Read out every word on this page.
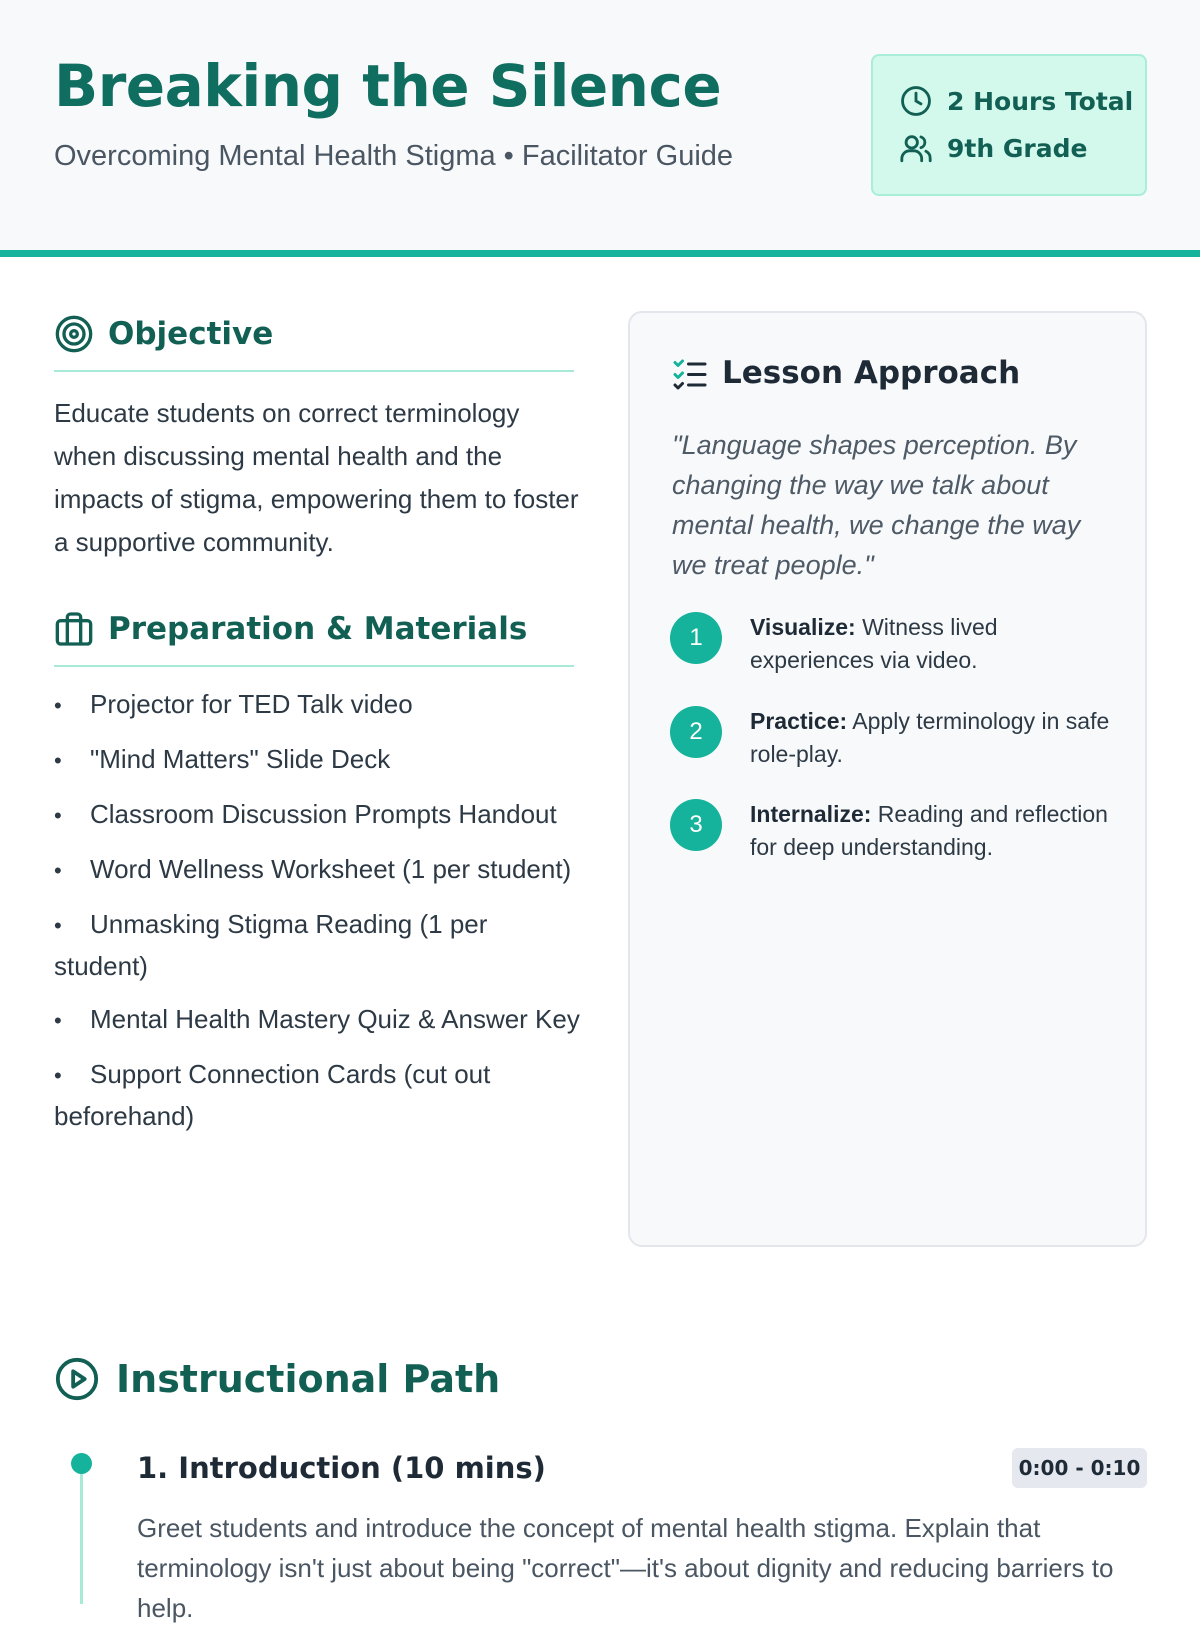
Breaking the Silence
Overcoming Mental Health Stigma • Facilitator Guide
2 Hours Total
9th Grade
Objective
Educate students on correct terminology when discussing mental health and the impacts of stigma, empowering them to foster a supportive community.
Preparation & Materials
• Projector for TED Talk video
• "Mind Matters" Slide Deck
• Classroom Discussion Prompts Handout
• Word Wellness Worksheet (1 per student)
• Unmasking Stigma Reading (1 per student)
• Mental Health Mastery Quiz & Answer Key
• Support Connection Cards (cut out beforehand)
Lesson Approach
"Language shapes perception. By changing the way we talk about mental health, we change the way we treat people."
1	Visualize: Witness lived experiences via video.
2	Practice: Apply terminology in safe role-play.
3	Internalize: Reading and reflection for deep understanding.
Instructional Path
1. Introduction (10 mins)	0:00 - 0:10
Greet students and introduce the concept of mental health stigma. Explain that terminology isn't just about being "correct"—it's about dignity and reducing barriers to help.
